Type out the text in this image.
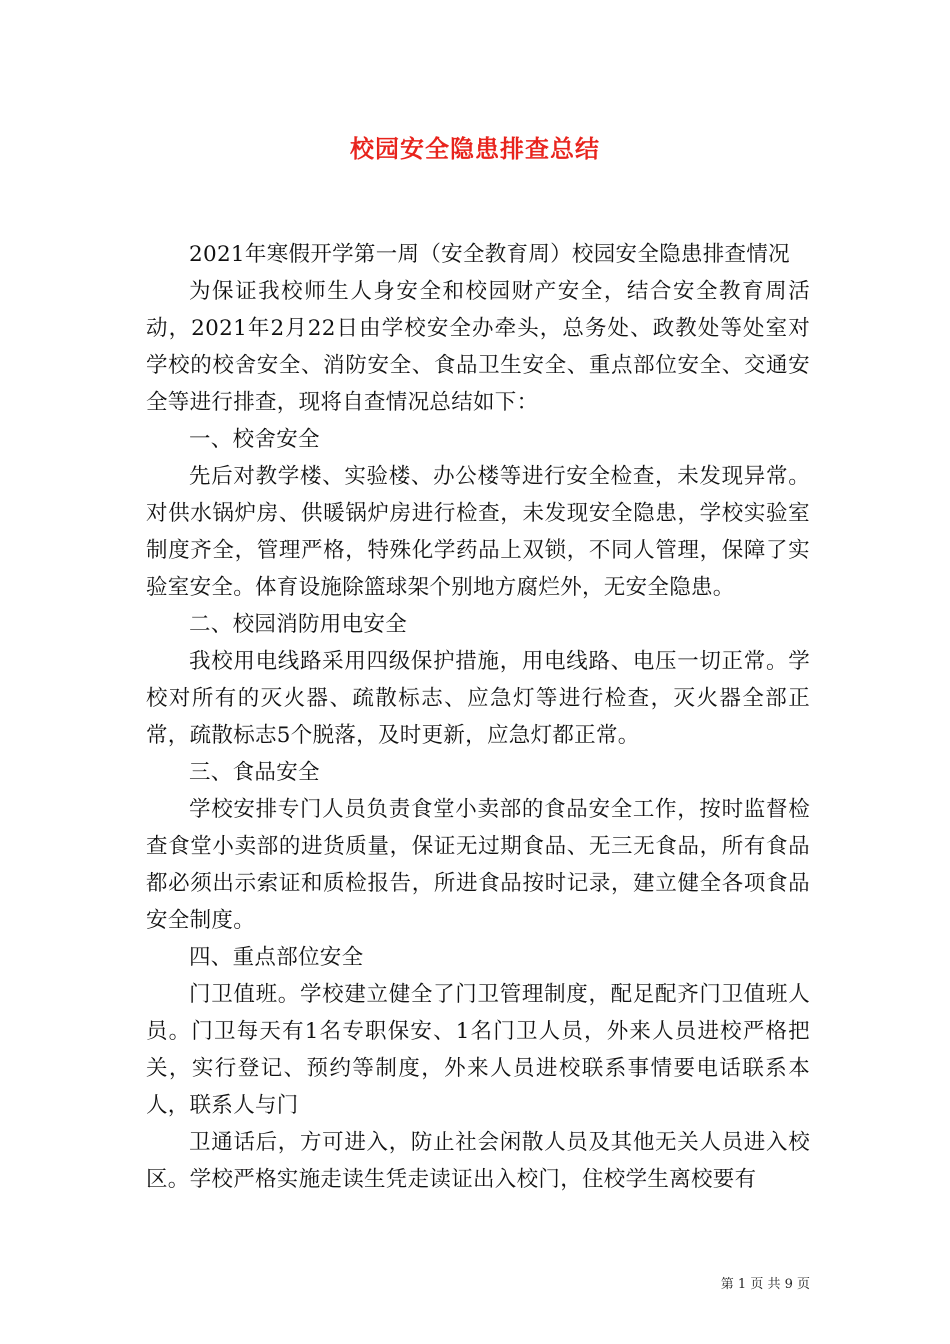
校园安全隐患排查总结

2021年寒假开学第一周（安全教育周）校园安全隐患排查情况

为保证我校师生人身安全和校园财产安全，结合安全教育周活动，2021年2月22日由学校安全办牵头，总务处、政教处等处室对学校的校舍安全、消防安全、食品卫生安全、重点部位安全、交通安全等进行排查，现将自查情况总结如下：

一、校舍安全

先后对教学楼、实验楼、办公楼等进行安全检查，未发现异常。对供水锅炉房、供暖锅炉房进行检查，未发现安全隐患，学校实验室制度齐全，管理严格，特殊化学药品上双锁，不同人管理，保障了实验室安全。体育设施除篮球架个别地方腐烂外，无安全隐患。

二、校园消防用电安全

我校用电线路采用四级保护措施，用电线路、电压一切正常。学校对所有的灭火器、疏散标志、应急灯等进行检查，灭火器全部正常，疏散标志5个脱落，及时更新，应急灯都正常。

三、食品安全

学校安排专门人员负责食堂小卖部的食品安全工作，按时监督检查食堂小卖部的进货质量，保证无过期食品、无三无食品，所有食品都必须出示索证和质检报告，所进食品按时记录，建立健全各项食品安全制度。

四、重点部位安全

门卫值班。学校建立健全了门卫管理制度，配足配齐门卫值班人员。门卫每天有1名专职保安、1名门卫人员，外来人员进校严格把关，实行登记、预约等制度，外来人员进校联系事情要电话联系本人，联系人与门

卫通话后，方可进入，防止社会闲散人员及其他无关人员进入校区。学校严格实施走读生凭走读证出入校门，住校学生离校要有

第 1 页 共 9 页
